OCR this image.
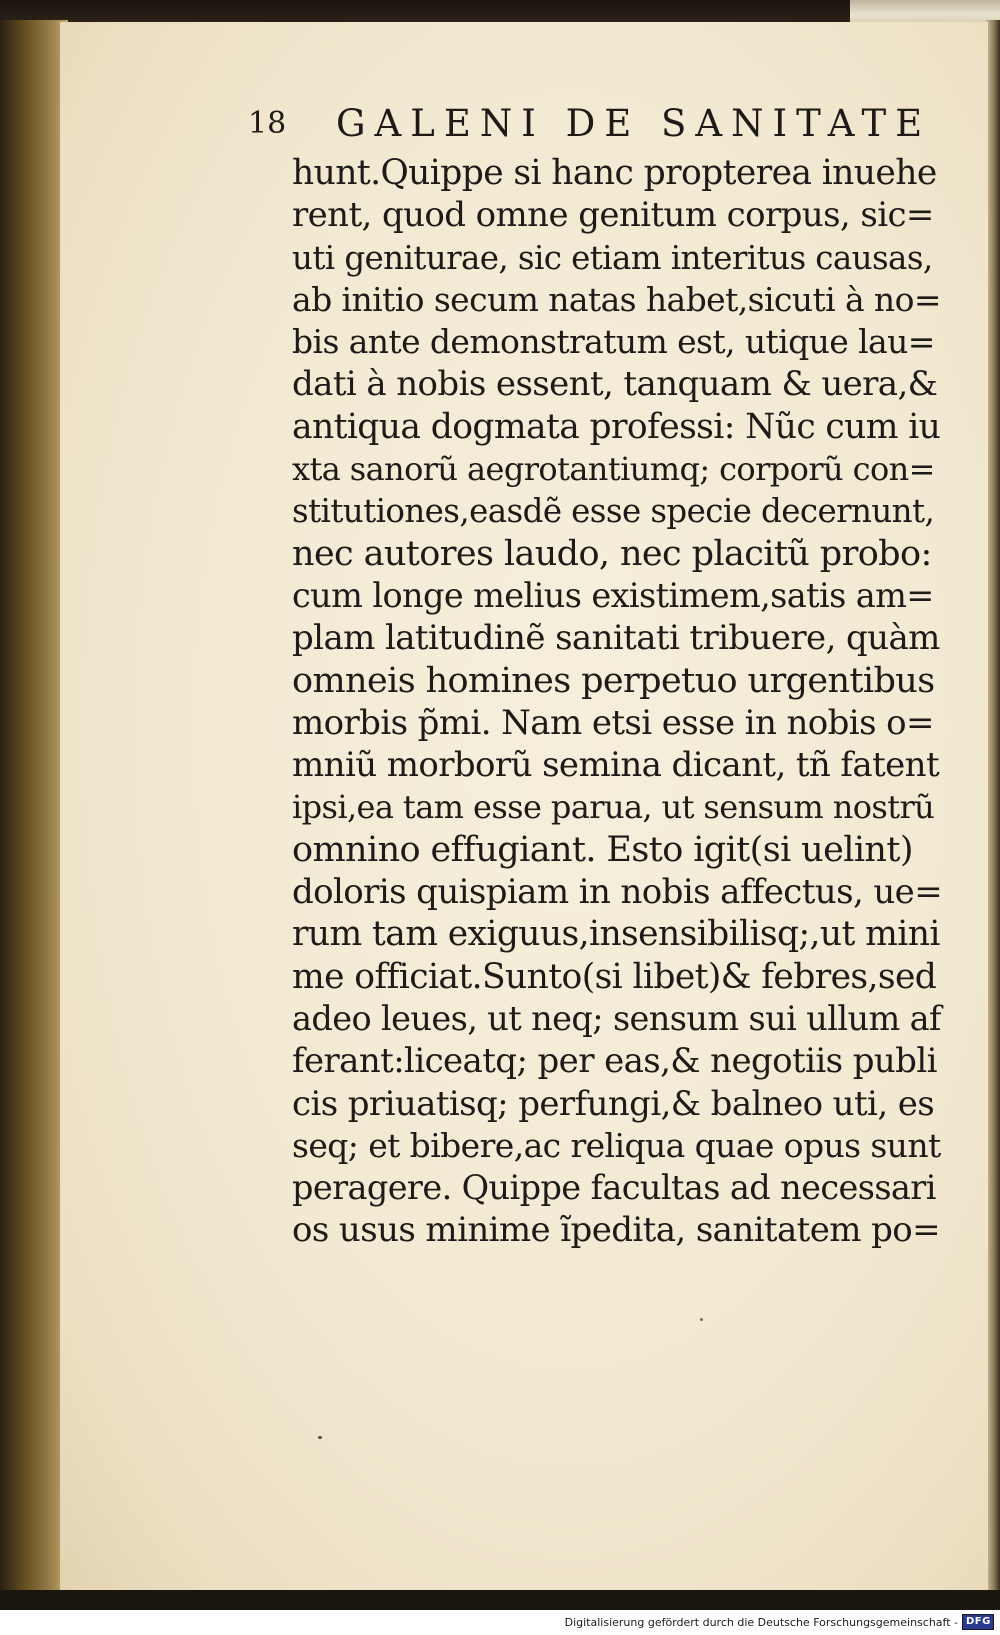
18 GALENI DE SANITATE
hunt.Quippe si hanc propterea inuehe
rent, quod omne genitum corpus, sic=
uti geniturae, sic etiam interitus causas,
ab initio secum natas habet,sicuti à no=
bis ante demonstratum est, utique lau=
dati à nobis essent, tanquam & uera,&
antiqua dogmata professi: Nũc cum iu
xta sanorũ aegrotantiumq; corporũ con=
stitutiones,easdẽ esse specie decernunt,
nec autores laudo, nec placitũ probo:
cum longe melius existimem,satis am=
plam latitudinẽ sanitati tribuere, quàm
omneis homines perpetuo urgentibus
morbis p̃mi. Nam etsi esse in nobis o=
mniũ morborũ semina dicant, tñ fatent
ipsi,ea tam esse parua, ut sensum nostrũ
omnino effugiant. Esto igit(si uelint)
doloris quispiam in nobis affectus, ue=
rum tam exiguus,insensibilisq;,ut mini
me officiat.Sunto(si libet)& febres,sed
adeo leues, ut neq; sensum sui ullum af
ferant:liceatq; per eas,& negotiis publi
cis priuatisq; perfungi,& balneo uti, es
seq; et bibere,ac reliqua quae opus sunt
peragere. Quippe facultas ad necessari
os usus minime ĩpedita, sanitatem po=
Digitalisierung gefördert durch die Deutsche Forschungsgemeinschaft - DFG
